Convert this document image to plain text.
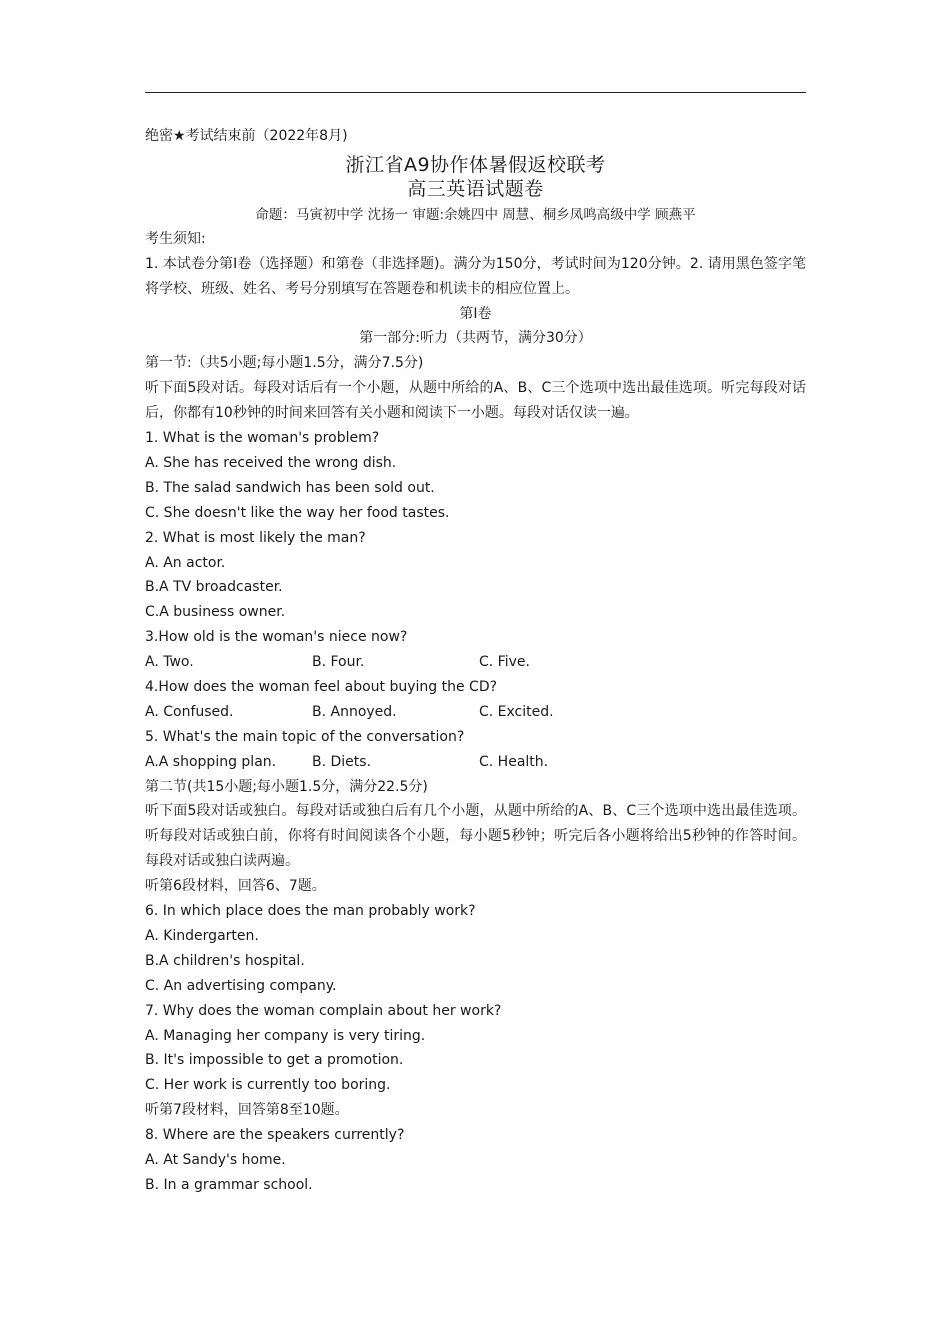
绝密★考试结束前（2022年8月)
浙江省A9协作体暑假返校联考
高三英语试题卷
命题：马寅初中学 沈扬一 审题:余姚四中 周慧、桐乡凤鸣高级中学 顾燕平
考生须知:
1. 本试卷分第Ⅰ卷（选择题）和第卷（非选择题)。满分为150分，考试时间为120分钟。2. 请用黑色签字笔将学校、班级、姓名、考号分别填写在答题卷和机读卡的相应位置上。
第Ⅰ卷
第一部分:听力（共两节，满分30分）
第一节:（共5小题;每小题1.5分，满分7.5分)
听下面5段对话。每段对话后有一个小题，从题中所给的A、B、C三个选项中选出最佳选项。听完每段对话后，你都有10秒钟的时间来回答有关小题和阅读下一小题。每段对话仅读一遍。
1. What is the woman's problem?
A. She has received the wrong dish.
B. The salad sandwich has been sold out.
C. She doesn't like the way her food tastes.
2. What is most likely the man?
A. An actor.
B.A TV broadcaster.
C.A business owner.
3.How old is the woman's niece now?
A. Two.	B. Four.	C. Five.
4.How does the woman feel about buying the CD?
A. Confused.	B. Annoyed.	C. Excited.
5. What's the main topic of the conversation?
A.A shopping plan.	B. Diets.	C. Health.
第二节(共15小题;每小题1.5分，满分22.5分)
听下面5段对话或独白。每段对话或独白后有几个小题，从题中所给的A、B、C三个选项中选出最佳选项。听每段对话或独白前，你将有时间阅读各个小题，每小题5秒钟；听完后各小题将给出5秒钟的作答时间。每段对话或独白读两遍。
听第6段材料，回答6、7题。
6. In which place does the man probably work?
A. Kindergarten.
B.A children's hospital.
C. An advertising company.
7. Why does the woman complain about her work?
A. Managing her company is very tiring.
B. It's impossible to get a promotion.
C. Her work is currently too boring.
听第7段材料，回答第8至10题。
8. Where are the speakers currently?
A. At Sandy's home.
B. In a grammar school.
